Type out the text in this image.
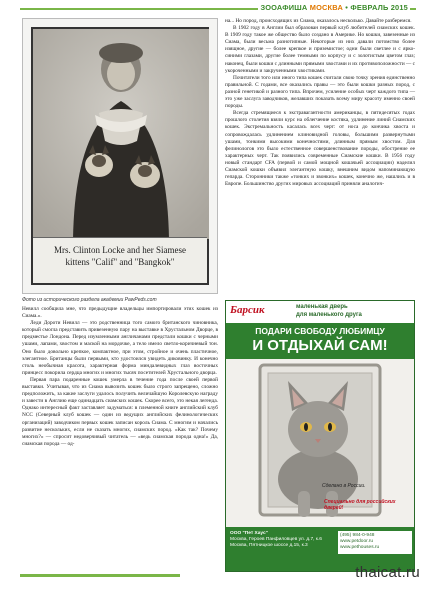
ЗООАФИША МОСКВА • ФЕВРАЛЬ 2015
Mrs. Clinton Locke and her Siamese
kittens "Calif" and "Bangkok"
Фото из исторического раздела академии PawPeds.com

Невилл сообщила мне, что предыдущие владельцы импортировали этих кошек из Сиама.».

Леди Дороти Невилл — это родственница того самого британского чиновника, который смогла представить привезенную пару на выставке в Хрустальном Дворце, в предместье Лондона. Перед изумленными англичанами предстали кошки с черными ушами, лапами, хвостом и маской на мордочке, а тело имело светло-коричневый тон. Оно было довольно крепкое, компактное, при этом, стройное и очень пластичное, элегантное. Британцы были первыми, кто удостоился увидеть диковинку. И конечно столь необычная красота, характерная форма миндалевидных глаз восточных принцесс покорила сердца многих и многих тысяч посетителей Хрустального дворца.

Первая пара подаренные кошек умерла в течение года после своей первой выставки. Учитывая, что из Сиама вывозить кошек было строго запрещено, сложно предположить, за какие заслуги удалось получить величайшую Королевскую награду и завести в Англию еще одинадцать сиамских кошек. Скорее всего, это некая легенда. Однако интересный факт заставляет задуматься: в племенной книге английский клуб NCC (Северный клуб кошек — один из ведущих английских фелинологических организаций) заводчиком первых кошек записан король Сиама. С многим и начались развитие нескольких, если не сказать многих, сиамских пород. «Как так? Почему многих?» — спросит недоверчивый читатель — «ведь сиамская порода одна!» Да, сиамская порода — од-

на... Но пород, происходящих из Сиама, оказалось несколько. Давайте разберемся.

В 1902 году в Англии был образован первый клуб любителей сиамских кошек. В 1909 году такое же общество было создано в Америке. Но кошки, завезенные из Сиама, были весьма разнотипные. Некоторые из них давали потомство более изящное, другие — более крепкое и приземистое; одни были светлее и с ярко-синими глазами, другие более темными по корпусу и с золотистым цветом глаз; наконец, были кошки с длинными прямыми хвостами и их противоположности — с укороченными и закрученными хвостиками.

Почитатели того или иного типа кошек считали свою точку зрения единственно правильной. С годами, все оказались правы — это были кошки разных пород, с разной генетикой и разного типа. Впрочем, усиление особых черт каждого типа — это уже заслуга заводчиков, желавших показать всему миру красоту именно своей породы.

Всегда стремящиеся к экстравагантности американцы, в пятидесятых годах прошлого столетия взяли курс на облегчение костяка, удлинение линий Сиамских кошек. Экстремальность касалась всех черт: от носа до кончика хвоста и сопровождалась удлинением клиновидной головы, большими развернутыми ушами, тонкими высокими конечностями, длинным прямым хвостом. Для фелинологов это было естественное совершенствование породы, обострение ее характерных черт. Так появились современные Сиамские кошки. В 1956 году новый стандарт CFA (первой и самой мощной кошачьей ассоциации) наделил Сиамской кошки объявил элегантную кошку, внешним видом напоминающую гепарда. Сторонники также «тонких и звонких» кошек, конечно же, нашлись и в Европе. Большинство других мировых ассоциаций приняли аналогич-

Барсик	маленькая дверь
для маленького друга
ПОДАРИ СВОБОДУ ЛЮБИМЦУ
И ОТДЫХАЙ САМ!
Сделано в России.
Специально для российских дверей!
ООО "Пет Хаус"
Москва, Героев Панфиловцев ул. д.7, к.6
Москва, Пятницкое шоссе д.15, к.3
(495) 984-0-948
www.petdoor.ru
www.pethouses.ru
thaicat.ru
